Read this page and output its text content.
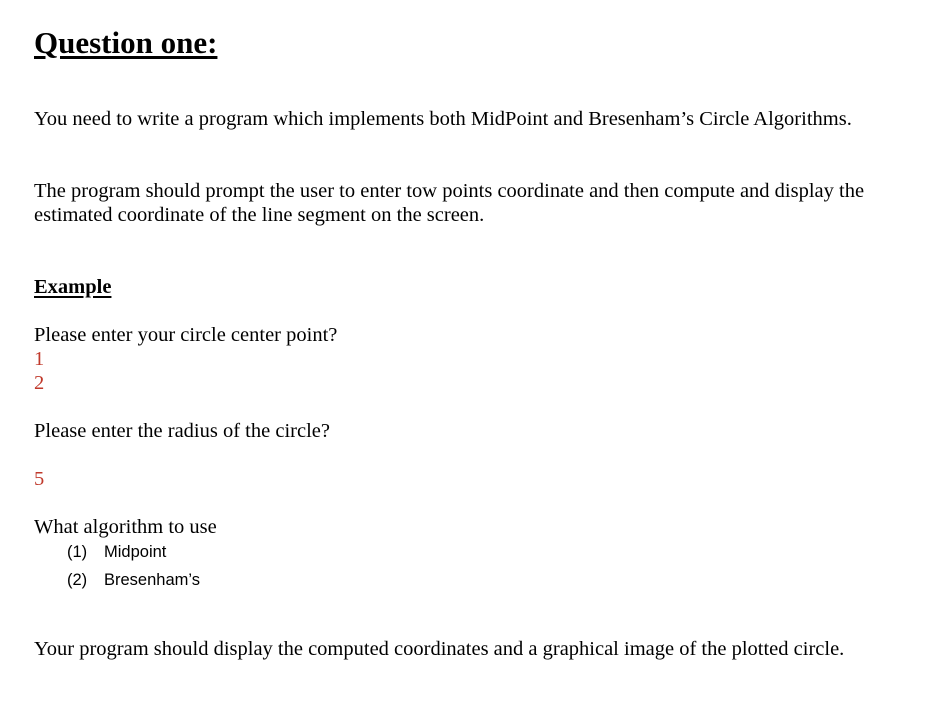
Question one:

You need to write a program which implements both MidPoint and Bresenham’s Circle Algorithms.

The program should prompt the user to enter tow points coordinate and then compute and display the estimated coordinate of the line segment on the screen.

Example

Please enter your circle center point?

1

2

Please enter the radius of the circle?

5

What algorithm to use

(1) Midpoint

(2) Bresenham’s

Your program should display the computed coordinates and a graphical image of the plotted circle.
